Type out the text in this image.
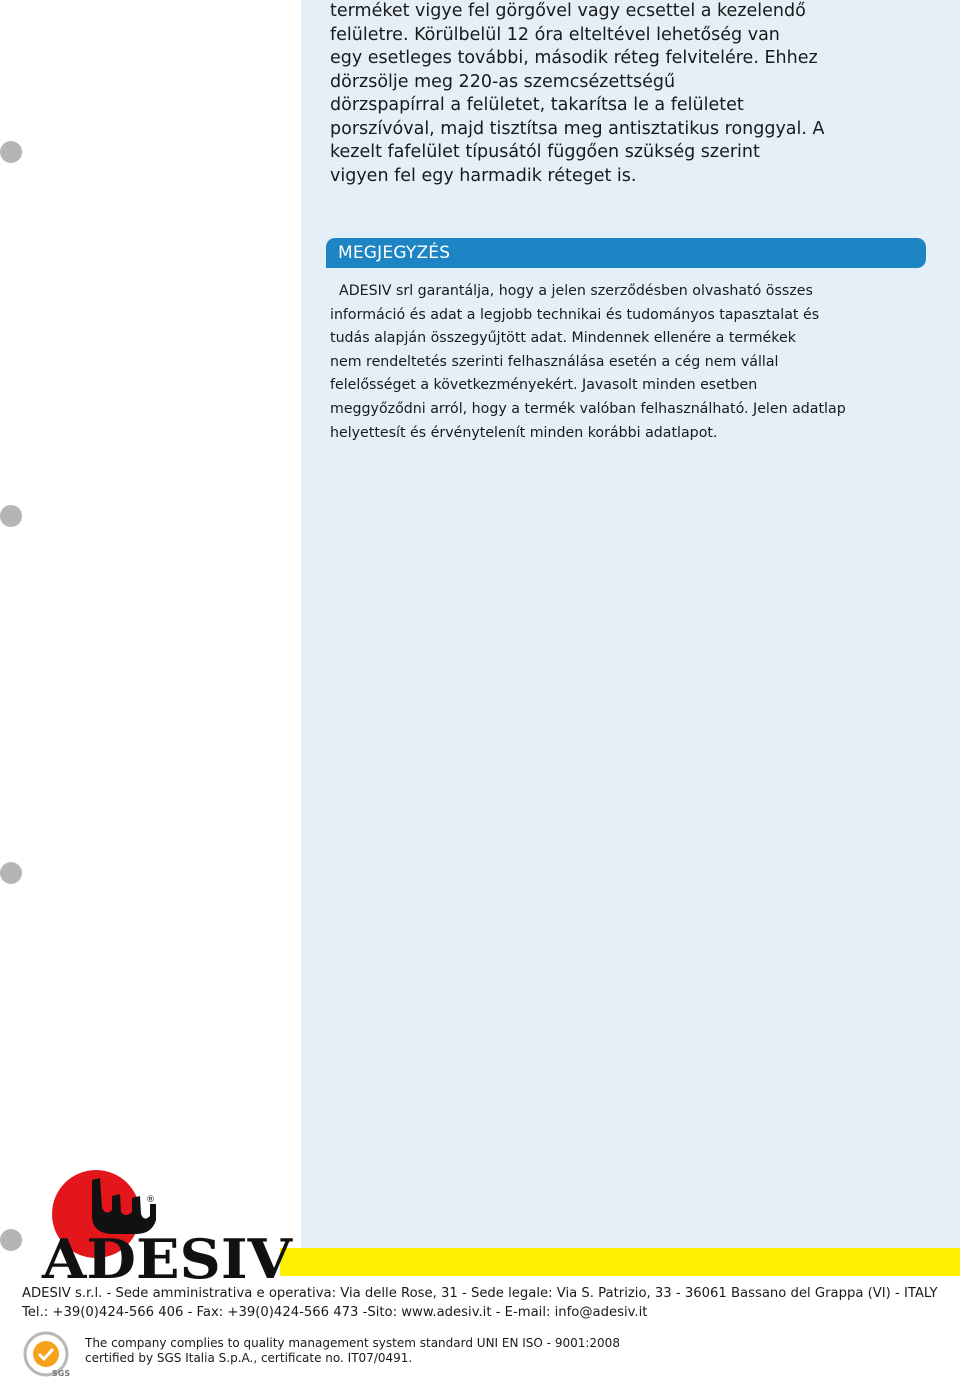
terméket vigye fel görgővel vagy ecsettel a kezelendő
felületre. Körülbelül 12 óra elteltével lehetőség van
egy esetleges további, második réteg felvitelére. Ehhez
dörzsölje meg 220-as szemcsézettségű
dörzspapírral a felületet, takarítsa le a felületet
porszívóval, majd tisztítsa meg antisztatikus ronggyal. A
kezelt fafelület típusától függően szükség szerint
vigyen fel egy harmadik réteget is.

MEGJEGYZÉS

ADESIV srl garantálja, hogy a jelen szerződésben olvasható összes
információ és adat a legjobb technikai és tudományos tapasztalat és
tudás alapján összegyűjtött adat. Mindennek ellenére a termékek
nem rendeltetés szerinti felhasználása esetén a cég nem vállal
felelősséget a következményekért. Javasolt minden esetben
meggyőződni arról, hogy a termék valóban felhasználható. Jelen adatlap
helyettesít és érvénytelenít minden korábbi adatlapot.

®
ADESIV

ADESIV s.r.l. - Sede amministrativa e operativa: Via delle Rose, 31 - Sede legale: Via S. Patrizio, 33 - 36061 Bassano del Grappa (VI) - ITALY

Tel.: +39(0)424-566 406 - Fax: +39(0)424-566 473 -Sito: www.adesiv.it - E-mail: info@adesiv.it

SGS

The company complies to quality management system standard UNI EN ISO - 9001:2008
certified by SGS Italia S.p.A., certificate no. IT07/0491.
